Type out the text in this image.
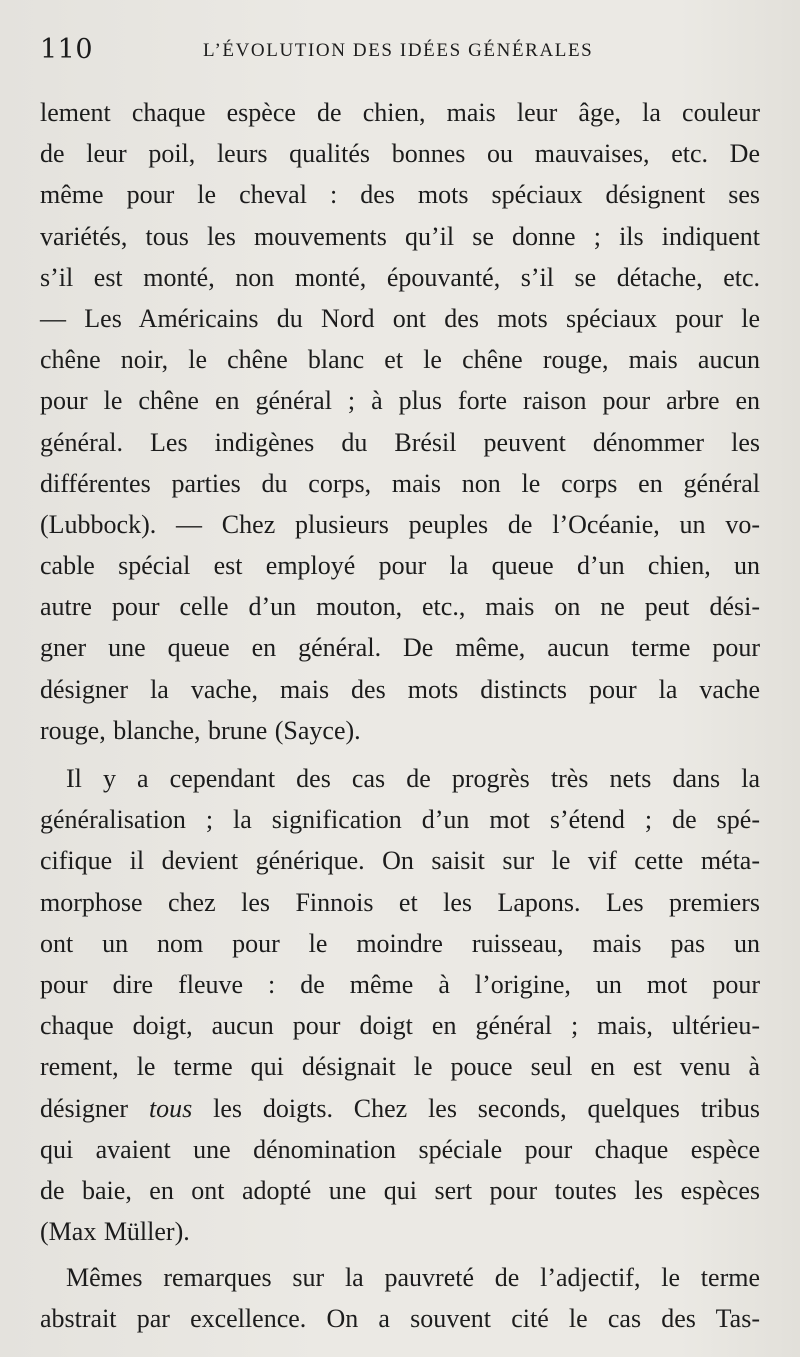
110	L’ÉVOLUTION DES IDÉES GÉNÉRALES
lement chaque espèce de chien, mais leur âge, la couleur
de leur poil, leurs qualités bonnes ou mauvaises, etc. De
même pour le cheval : des mots spéciaux désignent ses
variétés, tous les mouvements qu’il se donne ; ils indiquent
s’il est monté, non monté, épouvanté, s’il se détache, etc.
— Les Américains du Nord ont des mots spéciaux pour le
chêne noir, le chêne blanc et le chêne rouge, mais aucun
pour le chêne en général ; à plus forte raison pour arbre en
général. Les indigènes du Brésil peuvent dénommer les
différentes parties du corps, mais non le corps en général
(Lubbock). — Chez plusieurs peuples de l’Océanie, un vo-
cable spécial est employé pour la queue d’un chien, un
autre pour celle d’un mouton, etc., mais on ne peut dési-
gner une queue en général. De même, aucun terme pour
désigner la vache, mais des mots distincts pour la vache
rouge, blanche, brune (Sayce).
Il y a cependant des cas de progrès très nets dans la
généralisation ; la signification d’un mot s’étend ; de spé-
cifique il devient générique. On saisit sur le vif cette méta-
morphose chez les Finnois et les Lapons. Les premiers
ont un nom pour le moindre ruisseau, mais pas un
pour dire fleuve : de même à l’origine, un mot pour
chaque doigt, aucun pour doigt en général ; mais, ultérieu-
rement, le terme qui désignait le pouce seul en est venu à
désigner tous les doigts. Chez les seconds, quelques tribus
qui avaient une dénomination spéciale pour chaque espèce
de baie, en ont adopté une qui sert pour toutes les espèces
(Max Müller).
Mêmes remarques sur la pauvreté de l’adjectif, le terme
abstrait par excellence. On a souvent cité le cas des Tas-
